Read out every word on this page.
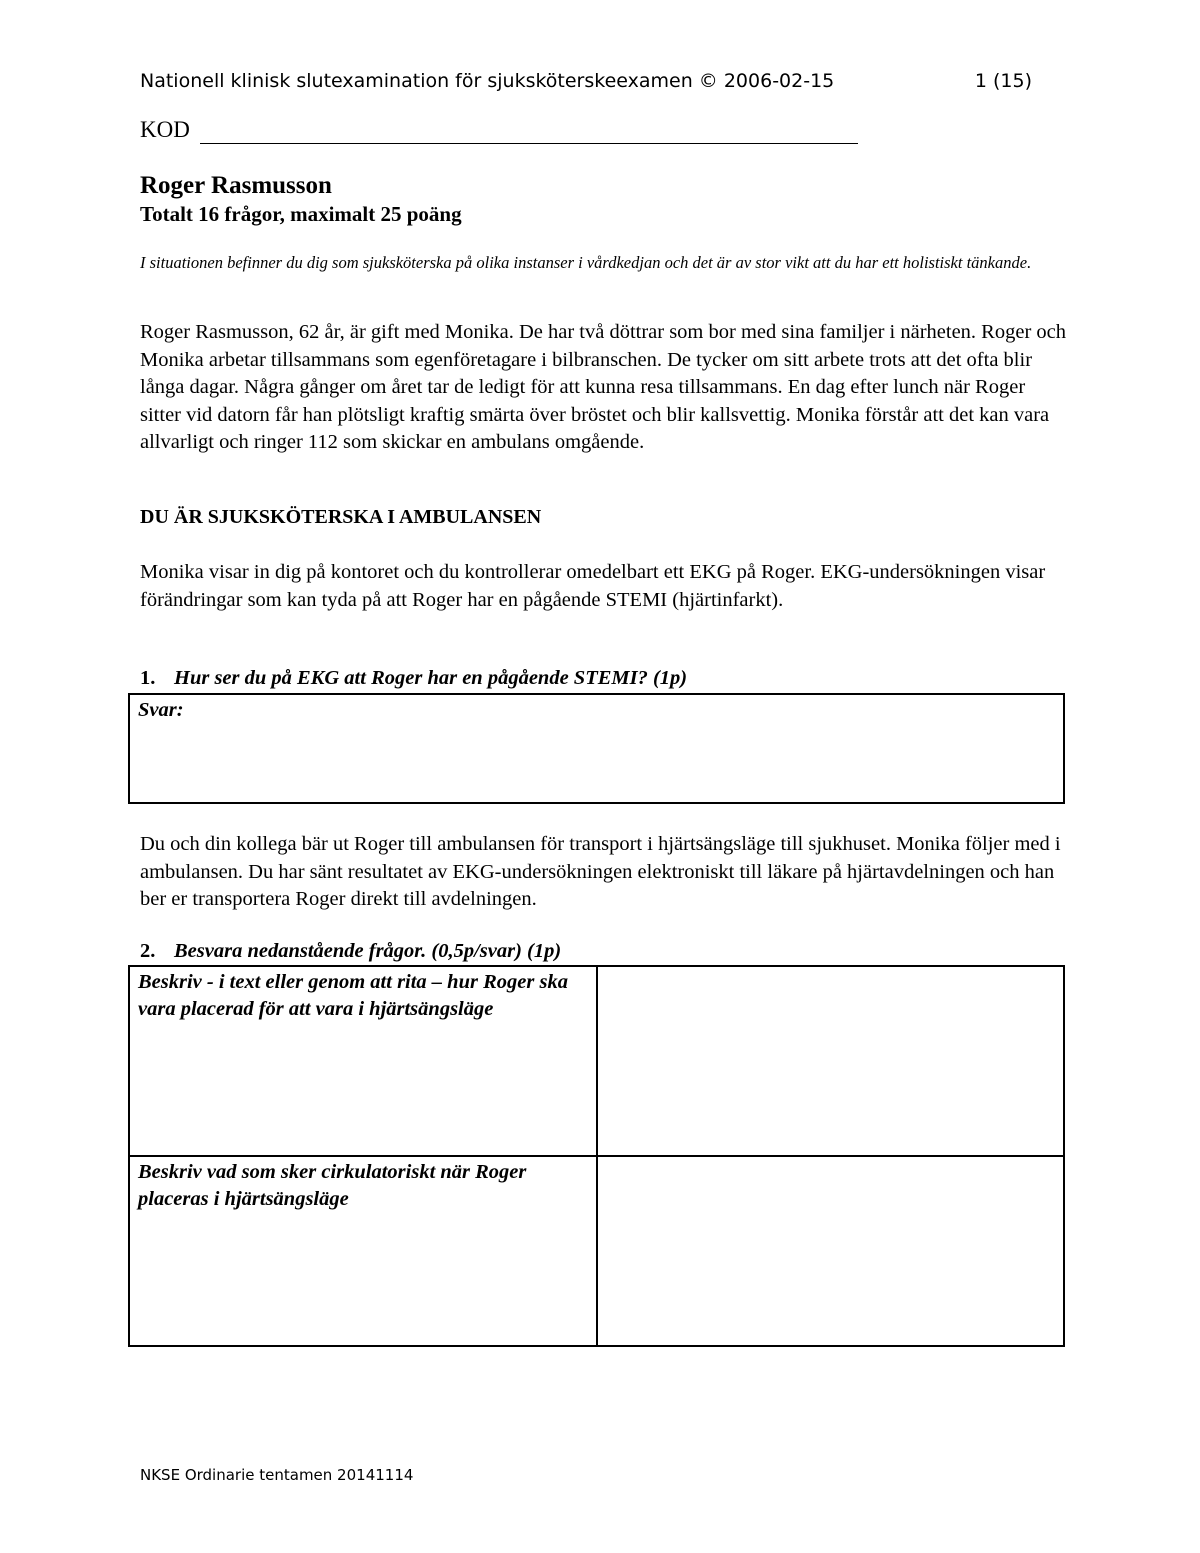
Nationell klinisk slutexamination för sjuksköterskeexamen © 2006-02-15	1 (15)
KOD
Roger Rasmusson
Totalt 16 frågor, maximalt 25 poäng
I situationen befinner du dig som sjuksköterska på olika instanser i vårdkedjan och det är av stor vikt att du har ett holistiskt tänkande.
Roger Rasmusson, 62 år, är gift med Monika. De har två döttrar som bor med sina familjer i närheten. Roger och Monika arbetar tillsammans som egenföretagare i bilbranschen. De tycker om sitt arbete trots att det ofta blir långa dagar. Några gånger om året tar de ledigt för att kunna resa tillsammans. En dag efter lunch när Roger sitter vid datorn får han plötsligt kraftig smärta över bröstet och blir kallsvettig. Monika förstår att det kan vara allvarligt och ringer 112 som skickar en ambulans omgående.
DU ÄR SJUKSKÖTERSKA I AMBULANSEN
Monika visar in dig på kontoret och du kontrollerar omedelbart ett EKG på Roger. EKG-undersökningen visar förändringar som kan tyda på att Roger har en pågående STEMI (hjärtinfarkt).
1. Hur ser du på EKG att Roger har en pågående STEMI? (1p)
Svar:
Du och din kollega bär ut Roger till ambulansen för transport i hjärtsängsläge till sjukhuset. Monika följer med i ambulansen. Du har sänt resultatet av EKG-undersökningen elektroniskt till läkare på hjärtavdelningen och han ber er transportera Roger direkt till avdelningen.
2. Besvara nedanstående frågor. (0,5p/svar) (1p)
Beskriv - i text eller genom att rita – hur Roger ska vara placerad för att vara i hjärtsängsläge	
Beskriv vad som sker cirkulatoriskt när Roger placeras i hjärtsängsläge	
NKSE Ordinarie tentamen 20141114
